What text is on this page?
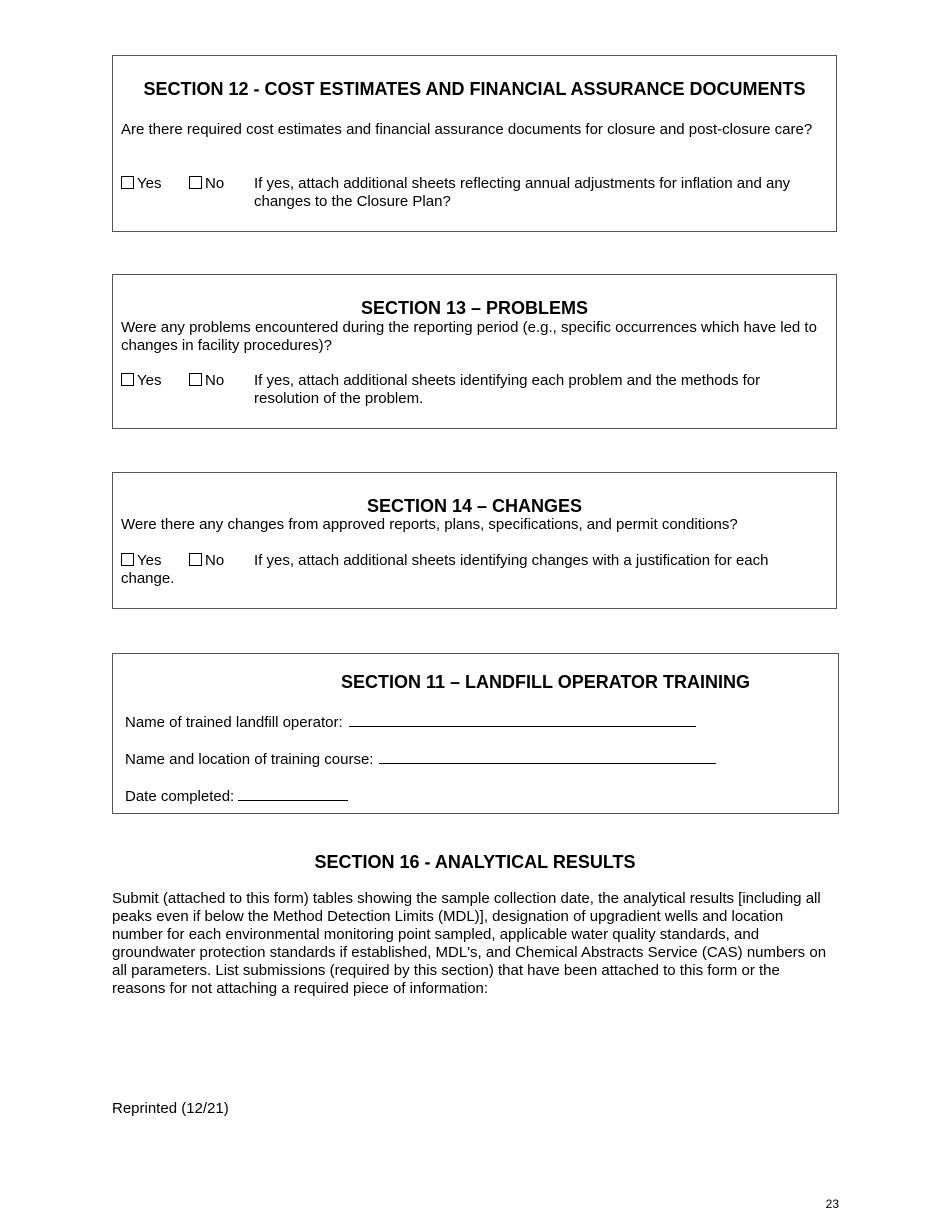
SECTION 12 - COST ESTIMATES AND FINANCIAL ASSURANCE DOCUMENTS

Are there required cost estimates and financial assurance documents for closure and post-closure care?

Yes	No If yes, attach additional sheets reflecting annual adjustments for inflation and any changes to the Closure Plan?
SECTION 13 – PROBLEMS

Were any problems encountered during the reporting period (e.g., specific occurrences which have led to changes in facility procedures)?

Yes	No If yes, attach additional sheets identifying each problem and the methods for resolution of the problem.
SECTION 14 – CHANGES

Were there any changes from approved reports, plans, specifications, and permit conditions?

Yes	No If yes, attach additional sheets identifying changes with a justification for each
change.
SECTION 11 – LANDFILL OPERATOR TRAINING
Name of trained landfill operator:
Name and location of training course:
Date completed:
SECTION 16 - ANALYTICAL RESULTS

Submit (attached to this form) tables showing the sample collection date, the analytical results [including all peaks even if below the Method Detection Limits (MDL)], designation of upgradient wells and location number for each environmental monitoring point sampled, applicable water quality standards, and groundwater protection standards if established, MDL's, and Chemical Abstracts Service (CAS) numbers on all parameters. List submissions (required by this section) that have been attached to this form or the reasons for not attaching a required piece of information:

Reprinted (12/21)
23
